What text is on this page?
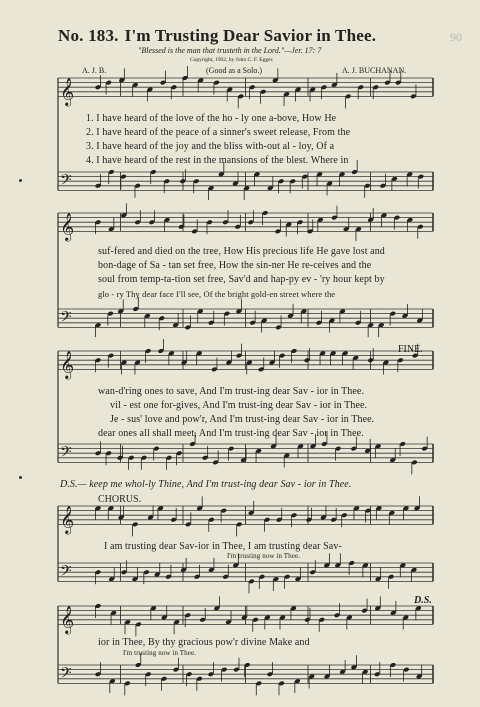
𝄞
𝄢
𝄞
𝄢
𝄞
𝄢
𝄞
𝄢
𝄞
𝄢
No. 183. I'm Trusting Dear Savior in Thee.	90
"Blessed is the man that trusteth in the Lord."—Jer. 17: 7
Copyright, 1902, by John C. F. Egger.
A. J. B.	(Good as a Solo.)	A. J. BUCHANAN.
1. I have heard of the love of the ho - ly one a-bove, How He
2. I have heard of the peace of a sinner's sweet release, From the
3. I have heard of the joy and the bliss with-out al - loy, Of a
4. I have heard of the rest in the mansions of the blest. Where in
suf-fered and died on the tree, How His precious life He gave lost and
bon-dage of Sa - tan set free, How the sin-ner He re-ceives and the
soul from temp-ta-tion set free, Sav'd and hap-py ev - 'ry hour kept by
glo - ry Thy dear face I'll see, Of the bright gold-en street where the
FINE.
wan-d'ring ones to save, And I'm trust-ing dear Sav - ior in Thee.
vil - est one for-gives, And I'm trust-ing dear Sav - ior in Thee.
Je - sus' love and pow'r, And I'm trust-ing dear Sav - ior in Thee.
dear ones all shall meet, And I'm trust-ing dear Sav - ior in Thee.
D.S.— keep me whol-ly Thine, And I'm trust-ing dear Sav - ior in Thee.
CHORUS.
I am trusting dear Sav-ior in Thee, I am trusting dear Sav-
I'm trusting now in Thee.
ior in Thee, By thy gracious pow'r divine Make and
I'm trusting now in Thee.
D.S.
